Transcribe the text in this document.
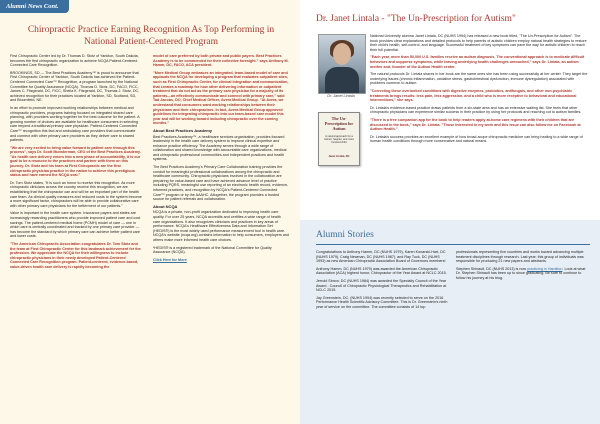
Alumni News Cont.
Chiropractic Practice Earning Recognition As Top Performing in National Patient-Centered Program

First Chiropractic Center led by Dr. Thomas D. Stotz of Yankton, South Dakota, becomes the first chiropractic organization to achieve NCQA Patient-Centered Connected Care Recognition.

BROOKINGS, SD — The Best Practices Academy™ is proud to announce that First Chiropractic Center of Yankton, South Dakota has achieved the Patient-Centered Connected Care™ Recognition, a program launched by the National Committee for Quality Assurance (NCQA). Thomas D. Stotz, DC, FACO, FICC, James C. Fitzgerald, DC, FICC, Sheila K. Fitzgerald, DC, Thomas J. Stotz, DC, achieved recognition for their practices located at Yankton, SD, Scotland, SD, and Bloomfield, NE.

In an effort to promote improved working relationships between medical and chiropractic providers, programs training focused on integrated shared care planning, with providers working together for the best outcome for the patient. A growing number of choices are available for healthcare consumers in selecting care beyond a traditional primary care physician. Patient-Centered Connected Care™ recognition this fact and ambulatory care providers that communicate and connect with other primary care providers as they deliver care to shared patients.

"We are very excited to bring value forward to patient care through this process", says Dr. Scott Munsterman, CEO of the Best Practices Academy. "As health care delivery enters into a new phase of accountability, it is our goal to be a resource to the practices and partner with them on this journey. Dr. Stotz and his team at First Chiropractic are the first chiropractic physician practice in the nation to achieve this prestigious status and have earned the NCQA seal."

Dr. Tom Stotz states, "It is such an honor to receive this recognition. As more chiropractic clinicians across the country receive this recognition, we are establishing that the chiropractor can and will be an important part of the health care team. As clinical quality measures and reduced costs to the system become a more significant factor, chiropractors will be able to provide collaborative care with other primary care physicians for the betterment of our patients."

Value is important in the health care system. Insurance payers and states are increasingly rewarding practitioners who provide improved patient care and cost savings. The patient-centered medical home (PCMH) model of care — one in which care is centrally coordinated and tracked by one primary care provider — has become the standard by which primary care can achieve better patient care and lower costs.

"The American Chiropractic Association congratulates Dr. Tom Stotz and the team at First Chiropractic Center for this landmark achievement for the profession. We appreciate the NCQA for their willingness to include chiropractic physicians in their newly developed Patient-Centered Connected Care Recognition program. Patient-centered, evidence-based, value-driven health care delivery is rapidly becoming the

model of care preferred by both private and public payers. Best Practices Academy is to be commended for their collective foresight." says Anthony M. Hamm, DC, FACO, ACA president.

"More Medical Group embraces an integrated, team-based model of care and applauds the NCQA for developing a program that evaluates outpatient sites, such as First Chiropractic Center, for clinical integration and communication, that creates a roadmap for how other delivering information or outpatient treatment that do not act as the primary care physician for a majority of its patients—an effectively communicate and connect with primary care," said Tad Jacobs, DO, Chief Medical Officer, Avera Medical Group. "At Avera, we understand that consumers want working relationships between their physicians and their chiropractors. In fact, Avera Medical Group approved guidelines for integrating chiropractic into our team-based care model this year and will be working toward including chiropractic over the coming months."

About Best Practices Academy

Best Practices Academy™, a healthcare services organization, provides focused leadership in the health care delivery system to improve clinical expertise and enhance practice efficiency. The Academy serves through a wide range of collaboration and shared knowledge with accountable care organizations, medical and chiropractic professional communities and independent practices and health systems.

The Best Practices Academy's Primary Care Collaboration training provides the conduit for meaningful professional collaborations among the chiropractic and healthcare community. Chiropractic physicians involved in the collaboration are preparing for value-based care and have achieved advance level of practice including PQRS, meaningful use reporting of an electronic health record, evidence-informed practices, and recognition by NCQA's Patient-Centered Connected Care™ program or by the AAAHC. Altogether, the program provides a trusted source for patient referrals and collaboration.

About NCQA

NCQA is a private, non-profit organization dedicated to improving health care quality. For over 25 years, NCQA accredits and certifies a wide range of health care organizations. It also recognizes clinicians and practices in key areas of performance. NCQA's Healthcare Effectiveness Data and Information Set (HEDIS®) is the most widely used performance measurement tool in health care. NCQA's website (ncqa.org) contains information to help consumers, employers and others make more informed health care choices.

*HEDIS® is a registered trademark of the National Committee for Quality Assurance (NCQA).

Click Here for More
Dr. Janet Lintala - "The Un-Prescription for Autism"
Dr. Janet Lintala
The Un-Prescription for Autism
A natural approach for a calmer, happier, and more focused child
Janet Lintala, DC

National University alumna Janet Lintala, DC (NUHS 1994) has released a new book titled, "The Un-Prescription for Autism". The book provides clear explanations and detailed protocols to help parents of autistic children employ natural health strategies to restore their child's health, self-control, and language. Successful treatment of key symptoms can pave the way for autistic children to reach their full potential.

"Each year, more than 50,000 U.S. families receive an autism diagnosis. The conventional approach is to medicate difficult behaviors and suppress symptoms, while leaving underlying health challenges untouched," says Dr. Lintala, an autism mother and, founder of the Autism Health center.

The natural protocols Dr. Lintala shares in her book are the same ones she has been using successfully at her center. They target the underlying issues (chronic inflammation, oxidative stress, gastrointestinal dysfunction, immune dysregulation) associated with problems common to autism.

"Correcting these overlooked conditions with digestive enzymes, probiotics, antifungals, and other non-psychiatric treatments brings results: less pain, less aggression, and a child who is more receptive to behavioral and educational interventions," she says.

Dr. Lintala's evidence-based practice draws patients from a six-state area and has an extensive waiting list. She feels that other chiropractic physicians can experience similar success in their practice by using her protocols and reaching out to autism families.

"There is a free companion app for the book to help readers apply at-home care regimens with their children that are discussed in the book," says Dr. Lintala. "Those interested in my work and this issue can also follow me on Facebook at Autism Health."

Dr. Lintala's success provides an excellent example of how broad-scope chiropractic medicine can bring healing to a wide range of human health conditions through more conservative and natural means.

Alumni Stories

Congratulations to Anthony Hamm, DC (NUHS 1979), Karen Konarski-Hart, DC (NUHS 1979), Craig Newman, DC (NUHS 1987), and Ray Tuck, DC (NUHS 1993) as new American Chiropractic Association Board of Governors members!

Anthony Hamm, DC (NUHS 1979) was awarded the American Chiropractic Association (ACA) highest honor, Chiropractor of the Year Award at NCLC 2015.

Jerrold Simon, DC (NUHS 1984) was awarded the Specialty Council of the Year Award - Council of Chiropractic Physiological Therapeutics and Rehabilitation at NCLC 2015.

Jay Greenstein, DC, (NUHS 1994) was recently selected to serve on the 2016 Performance Health Scientific Advisory Committee. This is Dr. Greenstein's ninth year of service on the committee. The committee consists of 14 top

professionals representing five countries and works toward advancing multiple treatment disciplines through research. Last year, this group of individuals was responsible for producing 21 new papers and abstracts.

Stephen Shinault, DC (NUHS 2013) is now practicing in Hamilton. Look at what Dr. Stephen Shinault has been up to since graduating. Be sure to continue to follow his journey at his blog.
